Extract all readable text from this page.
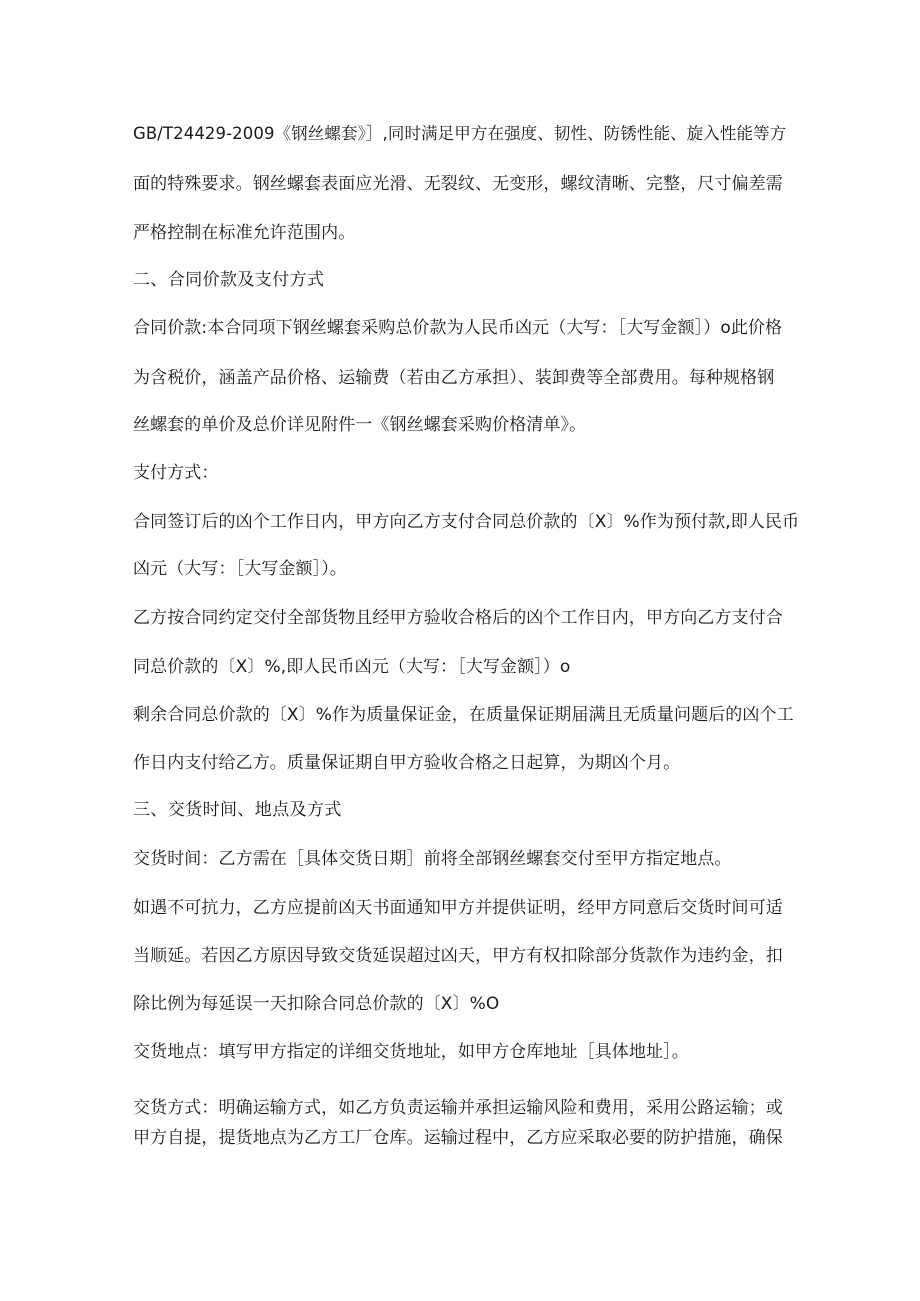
GB/T24429-2009《钢丝螺套》］,同时满足甲方在强度、韧性、防锈性能、旋入性能等方
面的特殊要求。钢丝螺套表面应光滑、无裂纹、无变形，螺纹清晰、完整，尺寸偏差需
严格控制在标准允许范围内。
二、合同价款及支付方式
合同价款:本合同项下钢丝螺套采购总价款为人民币凶元（大写：［大写金额］）o此价格
为含税价，涵盖产品价格、运输费（若由乙方承担）、装卸费等全部费用。每种规格钢
丝螺套的单价及总价详见附件一《钢丝螺套采购价格清单》。
支付方式：
合同签订后的凶个工作日内，甲方向乙方支付合同总价款的〔X〕%作为预付款,即人民币
凶元（大写：［大写金额］）。
乙方按合同约定交付全部货物且经甲方验收合格后的凶个工作日内，甲方向乙方支付合
同总价款的〔X〕%,即人民币凶元（大写：［大写金额］）o
剩余合同总价款的〔X〕%作为质量保证金，在质量保证期届满且无质量问题后的凶个工
作日内支付给乙方。质量保证期自甲方验收合格之日起算，为期凶个月。
三、交货时间、地点及方式
交货时间：乙方需在［具体交货日期］前将全部钢丝螺套交付至甲方指定地点。
如遇不可抗力，乙方应提前凶天书面通知甲方并提供证明，经甲方同意后交货时间可适
当顺延。若因乙方原因导致交货延误超过凶天，甲方有权扣除部分货款作为违约金，扣
除比例为每延误一天扣除合同总价款的〔X〕%O
交货地点：填写甲方指定的详细交货地址，如甲方仓库地址［具体地址］。
交货方式：明确运输方式，如乙方负责运输并承担运输风险和费用，采用公路运输；或
甲方自提，提货地点为乙方工厂仓库。运输过程中，乙方应采取必要的防护措施，确保
